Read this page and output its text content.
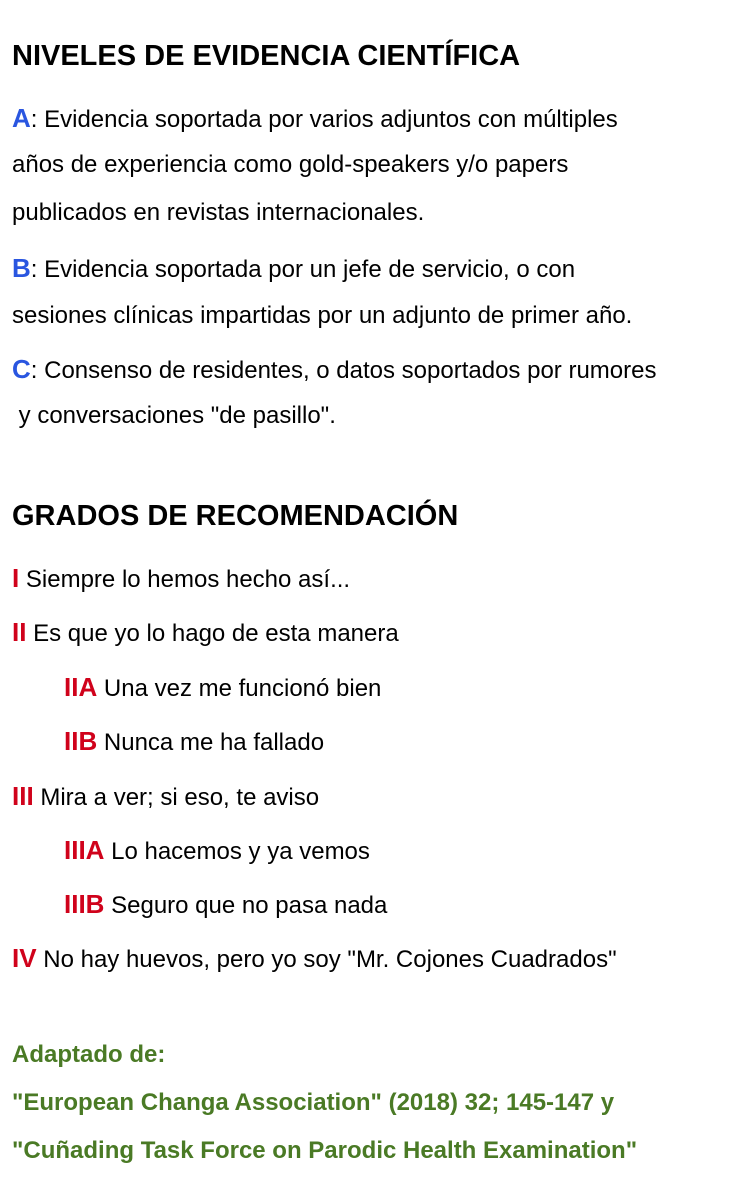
NIVELES DE EVIDENCIA CIENTÍFICA
A: Evidencia soportada por varios adjuntos con múltiples
años de experiencia como gold-speakers y/o papers
publicados en revistas internacionales.
B: Evidencia soportada por un jefe de servicio, o con
sesiones clínicas impartidas por un adjunto de primer año.
C: Consenso de residentes, o datos soportados por rumores
y conversaciones "de pasillo".
GRADOS DE RECOMENDACIÓN
I Siempre lo hemos hecho así...
II Es que yo lo hago de esta manera
IIA Una vez me funcionó bien
IIB Nunca me ha fallado
III Mira a ver; si eso, te aviso
IIIA Lo hacemos y ya vemos
IIIB Seguro que no pasa nada
IV No hay huevos, pero yo soy "Mr. Cojones Cuadrados"
Adaptado de:
"European Changa Association" (2018) 32; 145-147 y
"Cuñading Task Force on Parodic Health Examination"
